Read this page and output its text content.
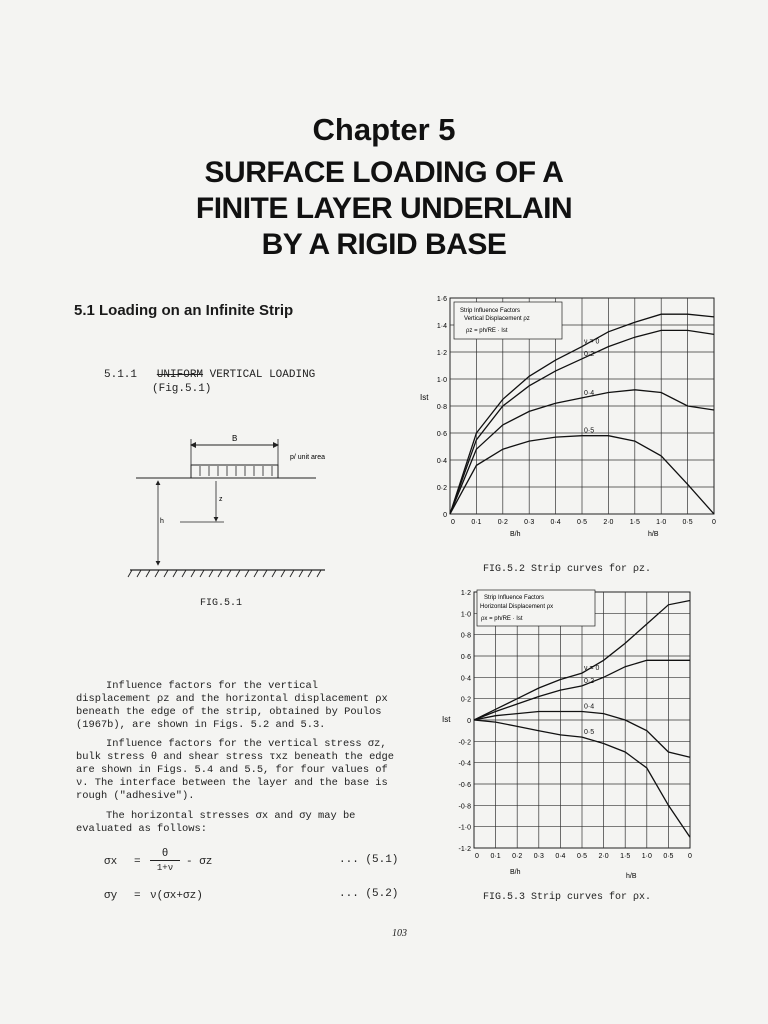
Chapter 5
SURFACE LOADING OF A
FINITE LAYER UNDERLAIN
BY A RIGID BASE
5.1 Loading on an Infinite Strip
5.1.1 UNIFORM VERTICAL LOADING
(Fig.5.1)
B
p/ unit area
z
h
FIG.5.1
Influence factors for the vertical displacement ρz and the horizontal displacement ρx beneath the edge of the strip, obtained by Poulos (1967b), are shown in Figs. 5.2 and 5.3.
Influence factors for the vertical stress σz, bulk stress θ and shear stress τxz beneath the edge are shown in Figs. 5.4 and 5.5, for four values of ν. The interface between the layer and the base is rough ("adhesive").
The horizontal stresses σx and σy may be evaluated as follows:
σx =
θ
1+ν	- σz	... (5.1)
σy = ν(σx+σz)	... (5.2)
1·6
1·4
1·2
1·0
0·8
0·6
0·4
0·2
0
0 0·1 0·2 0·3 0·4 0·5 2·0 1·5 1·0 0·5	0
ν = 0
0·2
0·4
0·5
Ist
B/h	h/B
Strip Influence Factors
Vertical Displacement ρz
ρz = ph/RE · Ist
FIG.5.2 Strip curves for ρz.
1·2
1·0
0·8
0·6
0·4
0·2
0
-0·2
-0·4
-0·6
-0·8
-1·0
-1·2
0 0·1 0·2 0·3 0·4 0·5 2·0 1·5 1·0 0·5 0
ν = 0
0·2
0·4
0·5
Ist
B/h
h/B
Strip Influence Factors
Horizontal Displacement ρx
ρx = ph/RE · Ist
FIG.5.3 Strip curves for ρx.
103
